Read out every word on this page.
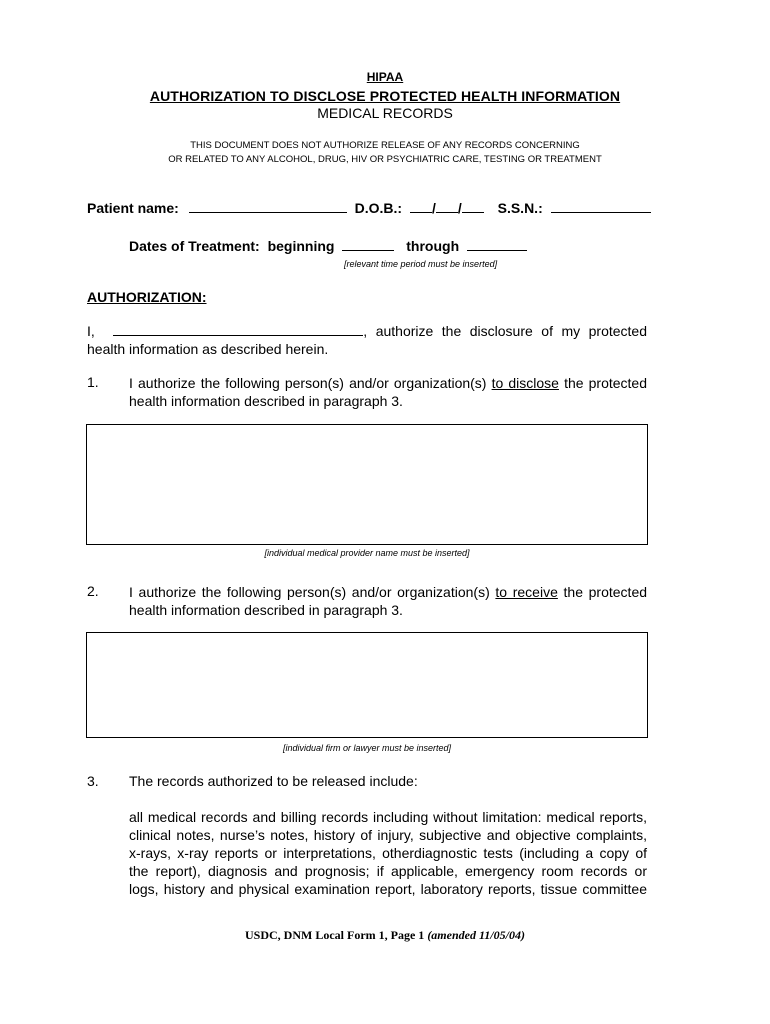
HIPAA
AUTHORIZATION TO DISCLOSE PROTECTED HEALTH INFORMATION
MEDICAL RECORDS
THIS DOCUMENT DOES NOT AUTHORIZE RELEASE OF ANY RECORDS CONCERNING
OR RELATED TO ANY ALCOHOL, DRUG, HIV OR PSYCHIATRIC CARE, TESTING OR TREATMENT
Patient name:	D.O.B.: / /	S.S.N.:
Dates of Treatment: beginning	through
[relevant time period must be inserted]
AUTHORIZATION:
I,	, authorize the disclosure of my protected
health information as described herein.
1. I authorize the following person(s) and/or organization(s) to disclose the protected
health information described in paragraph 3.
[individual medical provider name must be inserted]
2. I authorize the following person(s) and/or organization(s) to receive the protected
health information described in paragraph 3.
[individual firm or lawyer must be inserted]
3. The records authorized to be released include:
all medical records and billing records including without limitation: medical reports,
clinical notes, nurse’s notes, history of injury, subjective and objective complaints,
x-rays, x-ray reports or interpretations, otherdiagnostic tests (including a copy of
the report), diagnosis and prognosis; if applicable, emergency room records or
logs, history and physical examination report, laboratory reports, tissue committee
USDC, DNM Local Form 1, Page 1 (amended 11/05/04)
